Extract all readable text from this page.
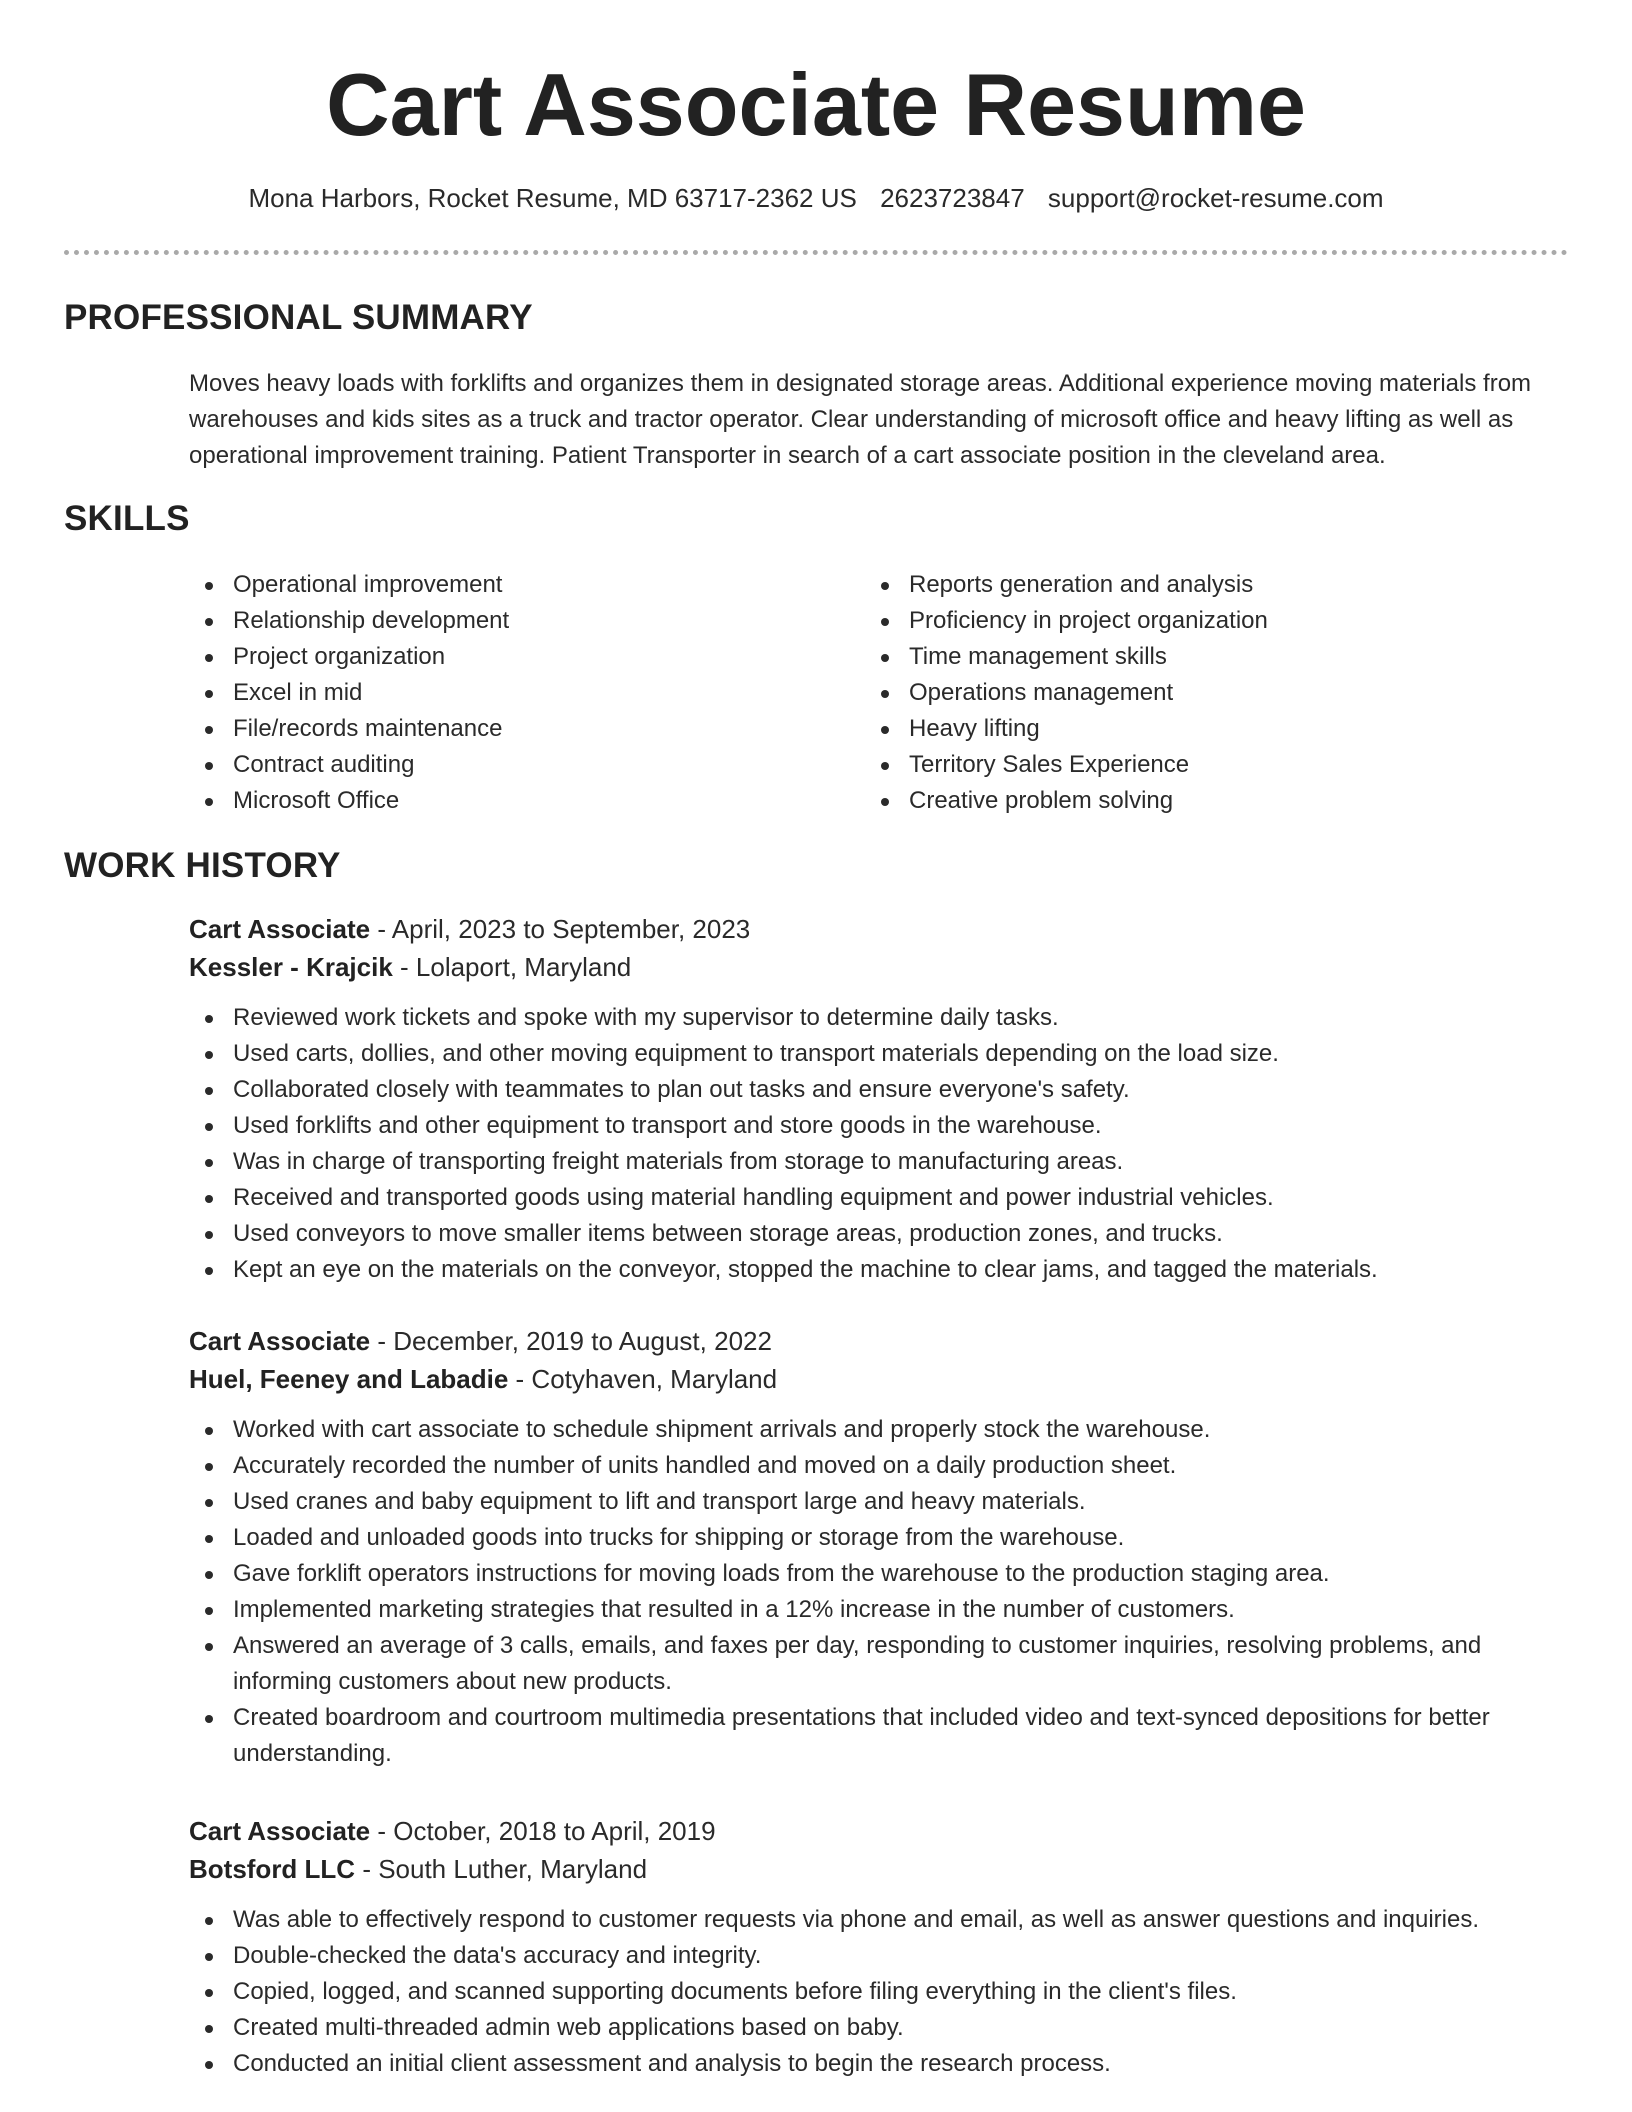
Cart Associate Resume
Mona Harbors, Rocket Resume, MD 63717-2362 US 2623723847 support@rocket-resume.com
PROFESSIONAL SUMMARY

Moves heavy loads with forklifts and organizes them in designated storage areas. Additional experience moving materials from warehouses and kids sites as a truck and tractor operator. Clear understanding of microsoft office and heavy lifting as well as operational improvement training. Patient Transporter in search of a cart associate position in the cleveland area.

SKILLS
Operational improvement
Relationship development
Project organization
Excel in mid
File/records maintenance
Contract auditing
Microsoft Office
Reports generation and analysis
Proficiency in project organization
Time management skills
Operations management
Heavy lifting
Territory Sales Experience
Creative problem solving
WORK HISTORY
Cart Associate - April, 2023 to September, 2023
Kessler - Krajcik - Lolaport, Maryland
Reviewed work tickets and spoke with my supervisor to determine daily tasks.
Used carts, dollies, and other moving equipment to transport materials depending on the load size.
Collaborated closely with teammates to plan out tasks and ensure everyone's safety.
Used forklifts and other equipment to transport and store goods in the warehouse.
Was in charge of transporting freight materials from storage to manufacturing areas.
Received and transported goods using material handling equipment and power industrial vehicles.
Used conveyors to move smaller items between storage areas, production zones, and trucks.
Kept an eye on the materials on the conveyor, stopped the machine to clear jams, and tagged the materials.
Cart Associate - December, 2019 to August, 2022
Huel, Feeney and Labadie - Cotyhaven, Maryland
Worked with cart associate to schedule shipment arrivals and properly stock the warehouse.
Accurately recorded the number of units handled and moved on a daily production sheet.
Used cranes and baby equipment to lift and transport large and heavy materials.
Loaded and unloaded goods into trucks for shipping or storage from the warehouse.
Gave forklift operators instructions for moving loads from the warehouse to the production staging area.
Implemented marketing strategies that resulted in a 12% increase in the number of customers.
Answered an average of 3 calls, emails, and faxes per day, responding to customer inquiries, resolving problems, and informing customers about new products.
Created boardroom and courtroom multimedia presentations that included video and text-synced depositions for better understanding.
Cart Associate - October, 2018 to April, 2019
Botsford LLC - South Luther, Maryland
Was able to effectively respond to customer requests via phone and email, as well as answer questions and inquiries.
Double-checked the data's accuracy and integrity.
Copied, logged, and scanned supporting documents before filing everything in the client's files.
Created multi-threaded admin web applications based on baby.
Conducted an initial client assessment and analysis to begin the research process.
